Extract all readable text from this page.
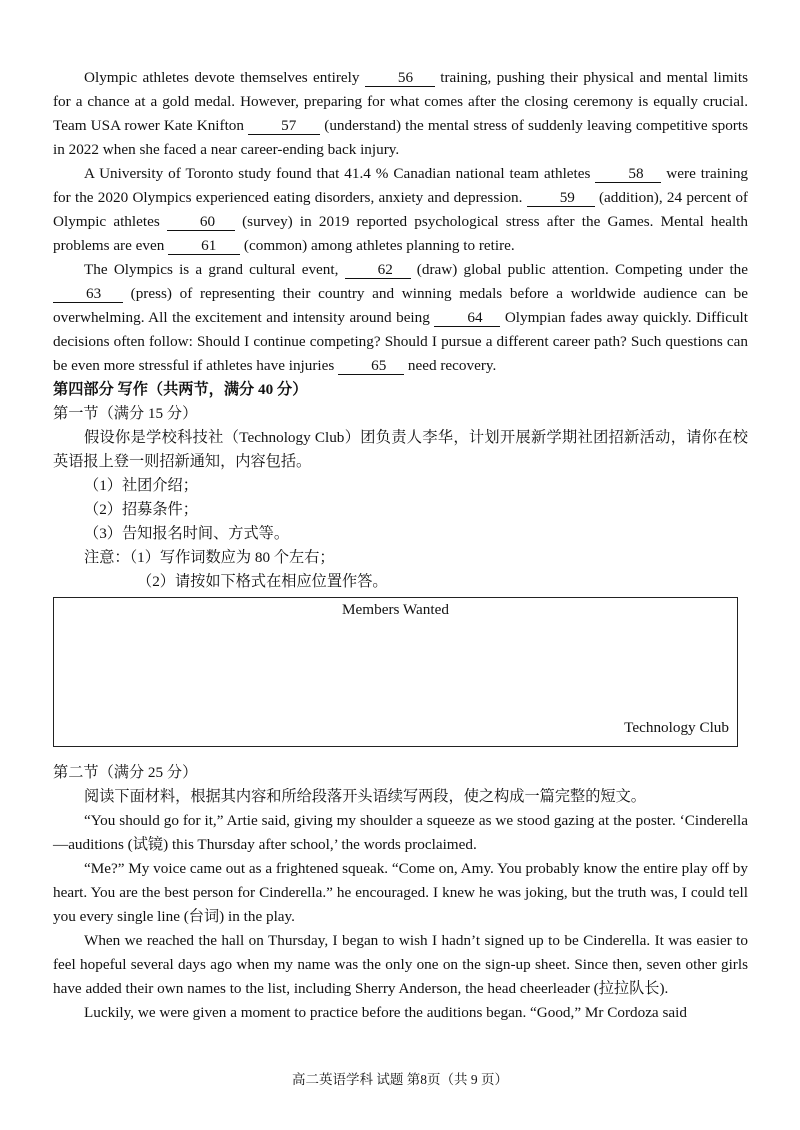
Olympic athletes devote themselves entirely 56 training, pushing their physical and mental limits for a chance at a gold medal. However, preparing for what comes after the closing ceremony is equally crucial. Team USA rower Kate Knifton 57 (understand) the mental stress of suddenly leaving competitive sports in 2022 when she faced a near career-ending back injury.

A University of Toronto study found that 41.4 % Canadian national team athletes 58 were training for the 2020 Olympics experienced eating disorders, anxiety and depression. 59 (addition), 24 percent of Olympic athletes 60 (survey) in 2019 reported psychological stress after the Games. Mental health problems are even 61 (common) among athletes planning to retire.

The Olympics is a grand cultural event, 62 (draw) global public attention. Competing under the 63 (press) of representing their country and winning medals before a worldwide audience can be overwhelming. All the excitement and intensity around being 64 Olympian fades away quickly. Difficult decisions often follow: Should I continue competing? Should I pursue a different career path? Such questions can be even more stressful if athletes have injuries 65 need recovery.

第四部分 写作（共两节，满分 40 分）

第一节（满分 15 分）

假设你是学校科技社（Technology Club）团负责人李华，计划开展新学期社团招新活动，请你在校英语报上登一则招新通知，内容包括。

（1）社团介绍；

（2）招募条件；

（3）告知报名时间、方式等。

注意：（1）写作词数应为 80 个左右；

（2）请按如下格式在相应位置作答。

Members Wanted
Technology Club

第二节（满分 25 分）

阅读下面材料，根据其内容和所给段落开头语续写两段，使之构成一篇完整的短文。

“You should go for it,” Artie said, giving my shoulder a squeeze as we stood gazing at the poster. ‘Cinderella—auditions (试镜) this Thursday after school,’ the words proclaimed.

“Me?” My voice came out as a frightened squeak. “Come on, Amy. You probably know the entire play off by heart. You are the best person for Cinderella.” he encouraged. I knew he was joking, but the truth was, I could tell you every single line (台词) in the play.

When we reached the hall on Thursday, I began to wish I hadn’t signed up to be Cinderella. It was easier to feel hopeful several days ago when my name was the only one on the sign-up sheet. Since then, seven other girls have added their own names to the list, including Sherry Anderson, the head cheerleader (拉拉队长).

Luckily, we were given a moment to practice before the auditions began. “Good,” Mr Cordoza said

高二英语学科 试题 第8页（共 9 页）
